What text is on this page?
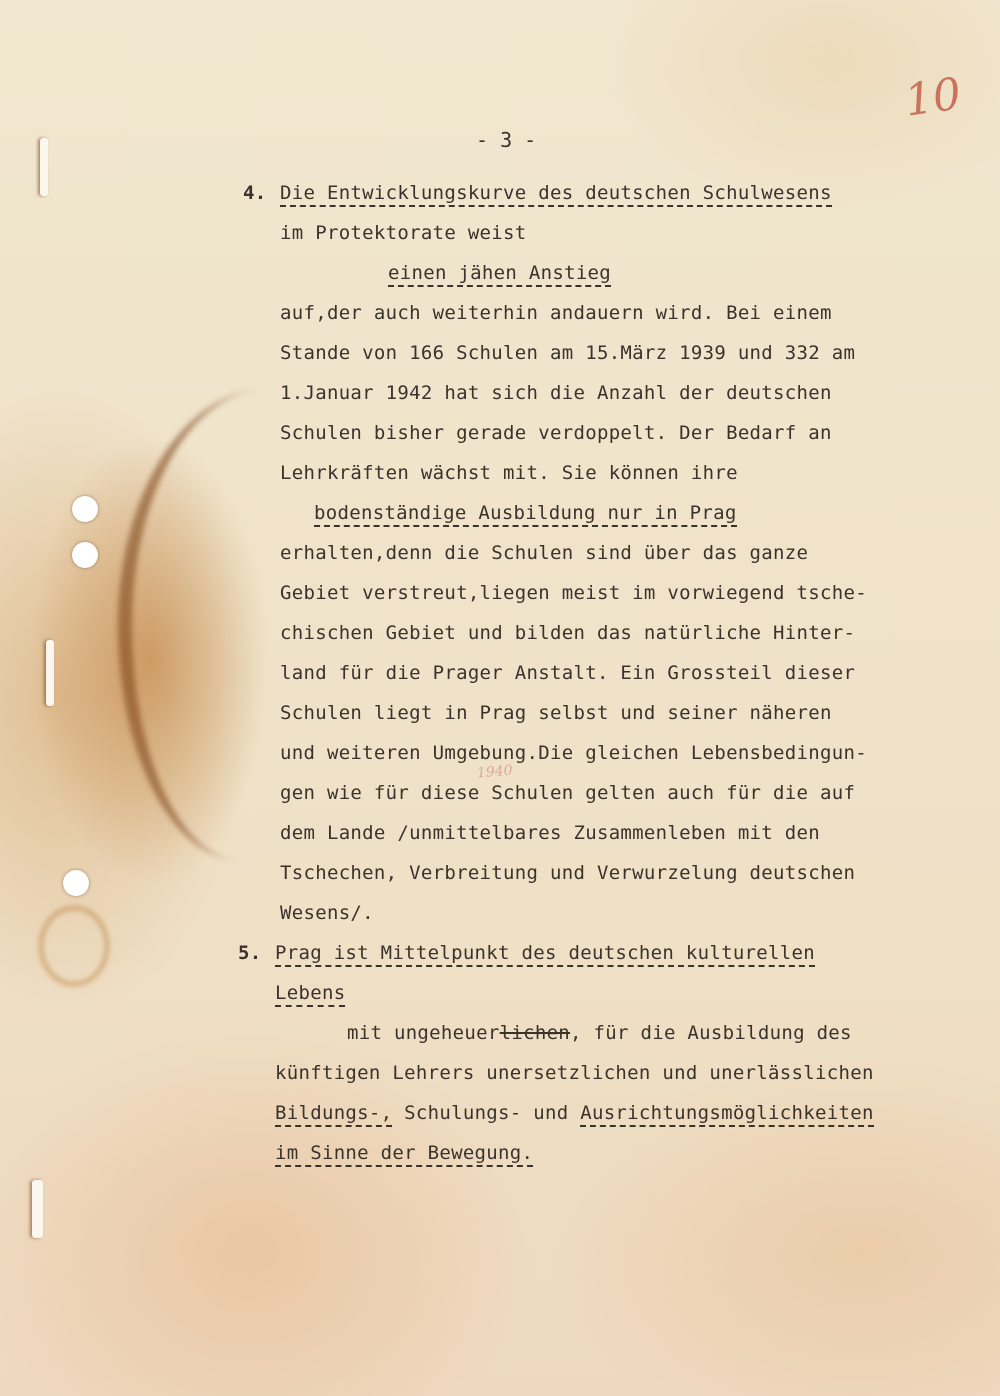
10
- 3 -
1940
4. Die Entwicklungskurve des deutschen Schulwesens
im Protektorate weist
einen jähen Anstieg
auf,der auch weiterhin andauern wird. Bei einem
Stande von 166 Schulen am 15.März 1939 und 332 am
1.Januar 1942 hat sich die Anzahl der deutschen
Schulen bisher gerade verdoppelt. Der Bedarf an
Lehrkräften wächst mit. Sie können ihre
bodenständige Ausbildung nur in Prag
erhalten,denn die Schulen sind über das ganze
Gebiet verstreut,liegen meist im vorwiegend tsche-
chischen Gebiet und bilden das natürliche Hinter-
land für die Prager Anstalt. Ein Grossteil dieser
Schulen liegt in Prag selbst und seiner näheren
und weiteren Umgebung.Die gleichen Lebensbedingun-
gen wie für diese Schulen gelten auch für die auf
dem Lande /unmittelbares Zusammenleben mit den
Tschechen, Verbreitung und Verwurzelung deutschen
Wesens/.
5. Prag ist Mittelpunkt des deutschen kulturellen
Lebens
mit ungeheuerlichen, für die Ausbildung des
künftigen Lehrers unersetzlichen und unerlässlichen
Bildungs-, Schulungs- und Ausrichtungsmöglichkeiten
im Sinne der Bewegung.
